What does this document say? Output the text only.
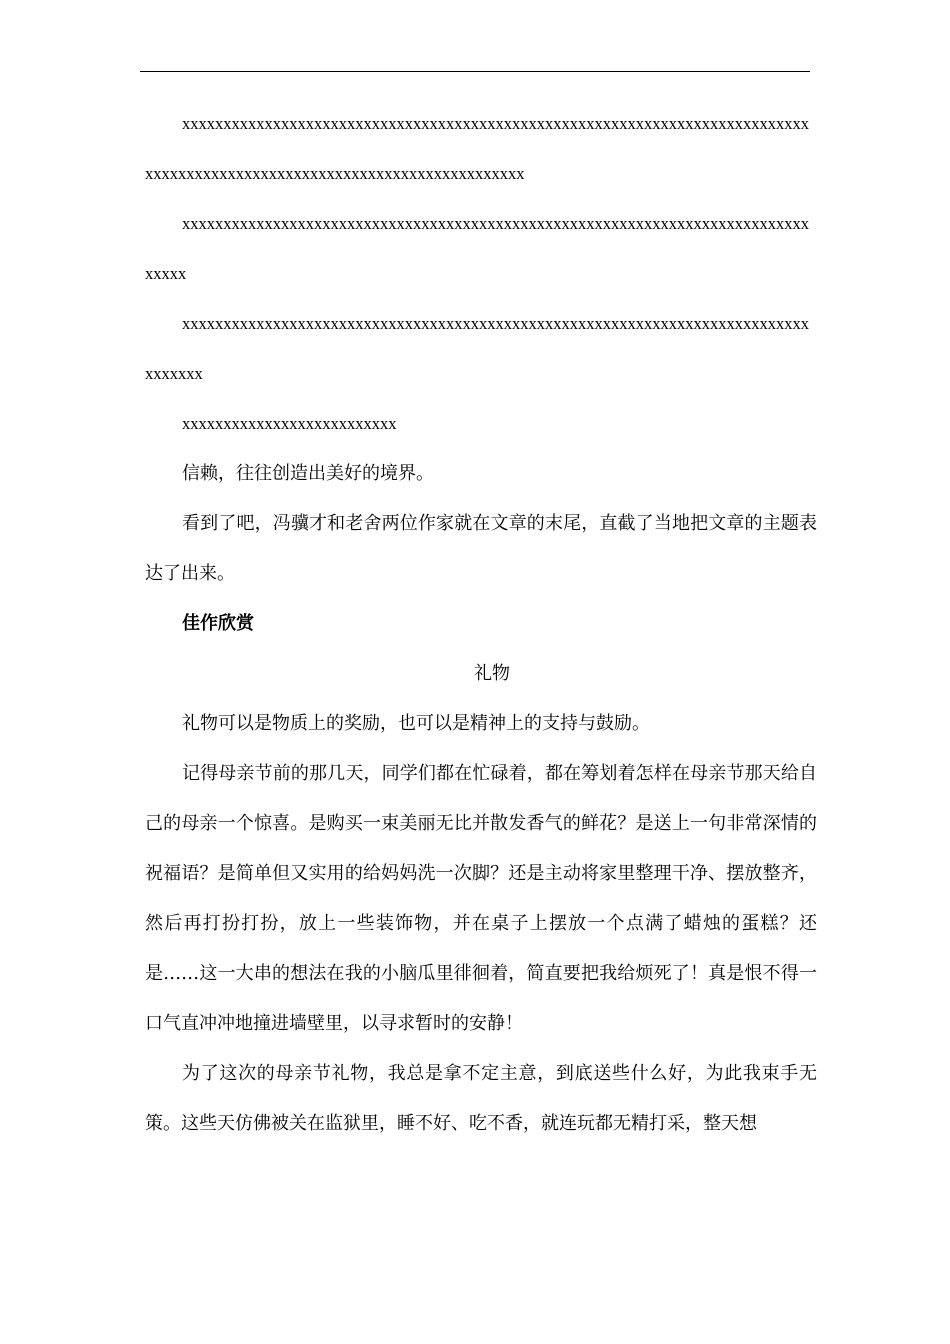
xxxxxxxxxxxxxxxxxxxxxxxxxxxxxxxxxxxxxxxxxxxxxxxxxxxxxxxxxxxxxxxxxxxxxxxxxxxxxxxxxxxxxxxxxxxxxxxxxxxxxxxxxxxxxxxxxxxxxxxxxx

xxxxxxxxxxxxxxxxxxxxxxxxxxxxxxxxxxxxxxxxxxxxxxxxxxxxxxxxxxxxxxxxxxxxxxxxxxxxxxxxx

xxxxxxxxxxxxxxxxxxxxxxxxxxxxxxxxxxxxxxxxxxxxxxxxxxxxxxxxxxxxxxxxxxxxxxxxxxxxxxxxxxx

xxxxxxxxxxxxxxxxxxxxxxxxxx

信赖，往往创造出美好的境界。

看到了吧，冯骥才和老舍两位作家就在文章的末尾，直截了当地把文章的主题表达了出来。

佳作欣赏

礼物

礼物可以是物质上的奖励，也可以是精神上的支持与鼓励。

记得母亲节前的那几天，同学们都在忙碌着，都在筹划着怎样在母亲节那天给自己的母亲一个惊喜。是购买一束美丽无比并散发香气的鲜花？是送上一句非常深情的祝福语？是简单但又实用的给妈妈洗一次脚？还是主动将家里整理干净、摆放整齐，然后再打扮打扮，放上一些装饰物，并在桌子上摆放一个点满了蜡烛的蛋糕？还是……这一大串的想法在我的小脑瓜里徘徊着，简直要把我给烦死了！真是恨不得一口气直冲冲地撞进墙壁里，以寻求暂时的安静！

为了这次的母亲节礼物，我总是拿不定主意，到底送些什么好，为此我束手无策。这些天仿佛被关在监狱里，睡不好、吃不香，就连玩都无精打采，整天想
